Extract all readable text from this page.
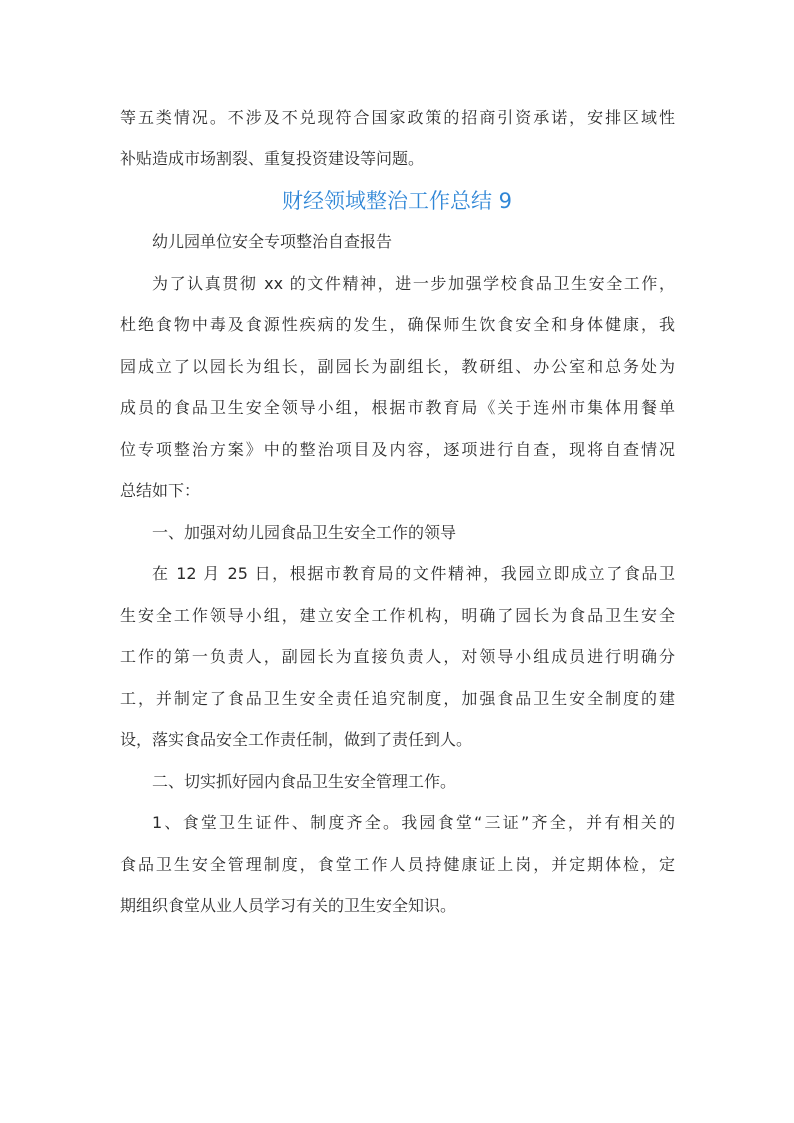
等五类情况。不涉及不兑现符合国家政策的招商引资承诺，安排区域性
补贴造成市场割裂、重复投资建设等问题。
财经领域整治工作总结 9
幼儿园单位安全专项整治自查报告
为了认真贯彻 xx 的文件精神，进一步加强学校食品卫生安全工作，
杜绝食物中毒及食源性疾病的发生，确保师生饮食安全和身体健康，我
园成立了以园长为组长，副园长为副组长，教研组、办公室和总务处为
成员的食品卫生安全领导小组，根据市教育局《关于连州市集体用餐单
位专项整治方案》中的整治项目及内容，逐项进行自查，现将自查情况
总结如下：
一、加强对幼儿园食品卫生安全工作的领导
在 12 月 25 日，根据市教育局的文件精神，我园立即成立了食品卫
生安全工作领导小组，建立安全工作机构，明确了园长为食品卫生安全
工作的第一负责人，副园长为直接负责人，对领导小组成员进行明确分
工，并制定了食品卫生安全责任追究制度，加强食品卫生安全制度的建
设，落实食品安全工作责任制，做到了责任到人。
二、切实抓好园内食品卫生安全管理工作。
1、食堂卫生证件、制度齐全。我园食堂“三证”齐全，并有相关的
食品卫生安全管理制度，食堂工作人员持健康证上岗，并定期体检，定
期组织食堂从业人员学习有关的卫生安全知识。
